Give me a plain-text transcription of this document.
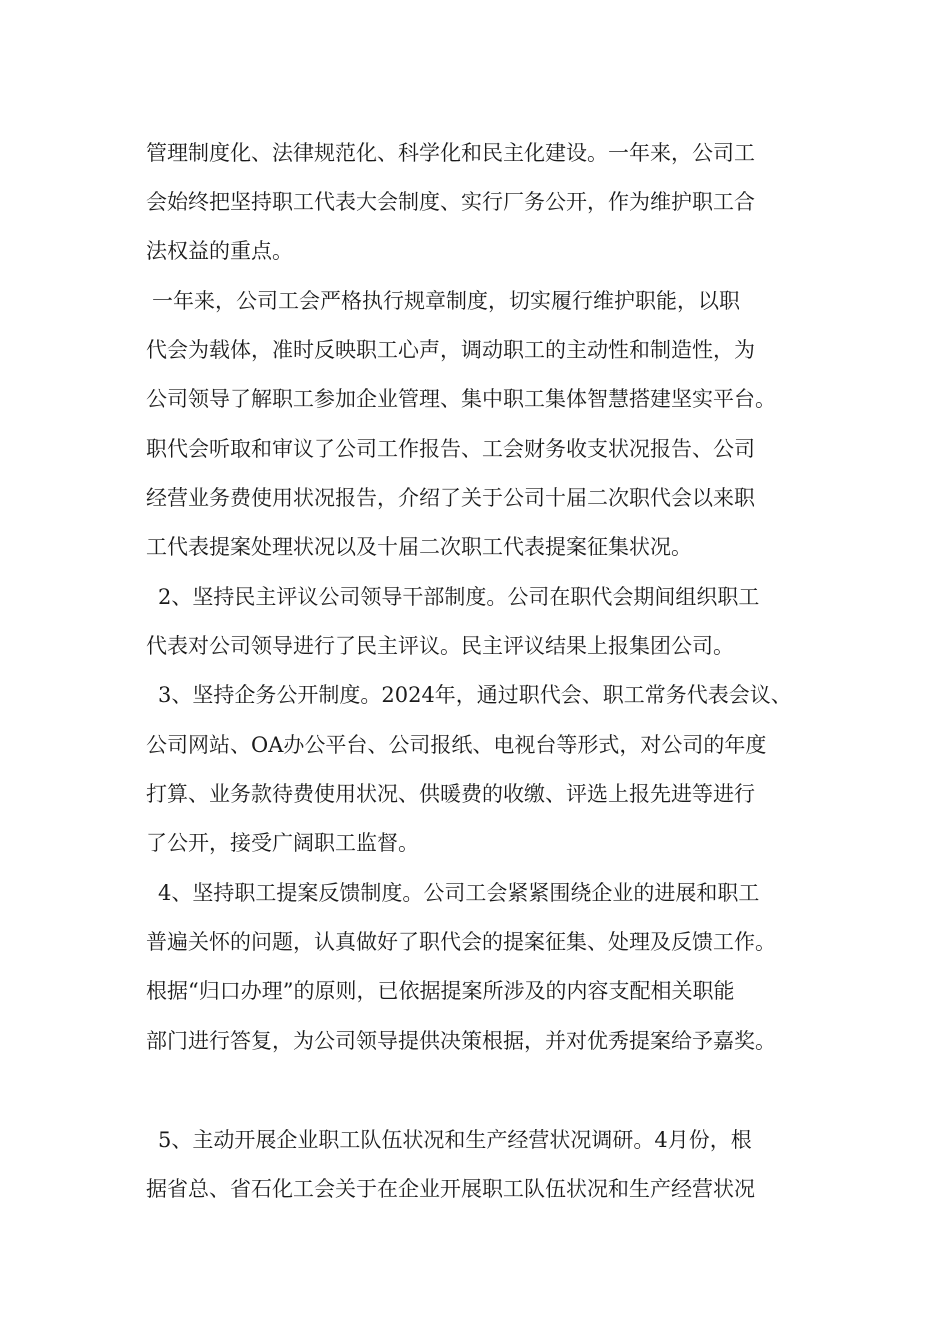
管理制度化、法律规范化、科学化和民主化建设。一年来，公司工
会始终把坚持职工代表大会制度、实行厂务公开，作为维护职工合
法权益的重点。
一年来，公司工会严格执行规章制度，切实履行维护职能，以职
代会为载体，准时反映职工心声，调动职工的主动性和制造性，为
公司领导了解职工参加企业管理、集中职工集体智慧搭建坚实平台。
职代会听取和审议了公司工作报告、工会财务收支状况报告、公司
经营业务费使用状况报告，介绍了关于公司十届二次职代会以来职
工代表提案处理状况以及十届二次职工代表提案征集状况。
2、坚持民主评议公司领导干部制度。公司在职代会期间组织职工
代表对公司领导进行了民主评议。民主评议结果上报集团公司。
3、坚持企务公开制度。2024年，通过职代会、职工常务代表会议、
公司网站、OA办公平台、公司报纸、电视台等形式，对公司的年度
打算、业务款待费使用状况、供暖费的收缴、评选上报先进等进行
了公开，接受广阔职工监督。
4、坚持职工提案反馈制度。公司工会紧紧围绕企业的进展和职工
普遍关怀的问题，认真做好了职代会的提案征集、处理及反馈工作。
根据“归口办理”的原则，已依据提案所涉及的内容支配相关职能
部门进行答复，为公司领导提供决策根据，并对优秀提案给予嘉奖。
5、主动开展企业职工队伍状况和生产经营状况调研。4月份，根
据省总、省石化工会关于在企业开展职工队伍状况和生产经营状况
